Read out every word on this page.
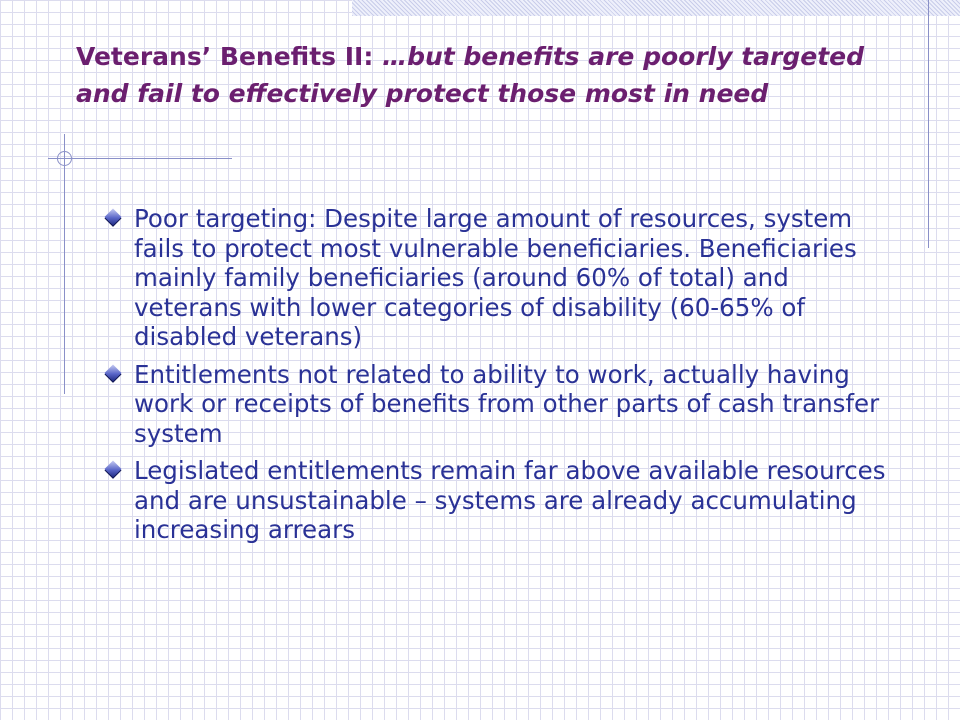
Veterans’ Benefits II: …but benefits are poorly targeted and fail to effectively protect those most in need
Poor targeting: Despite large amount of resources, system fails to protect most vulnerable beneficiaries. Beneficiaries mainly family beneficiaries (around 60% of total) and veterans with lower categories of disability (60-65% of disabled veterans)
Entitlements not related to ability to work, actually having work or receipts of benefits from other parts of cash transfer system
Legislated entitlements remain far above available resources and are unsustainable – systems are already accumulating increasing arrears
